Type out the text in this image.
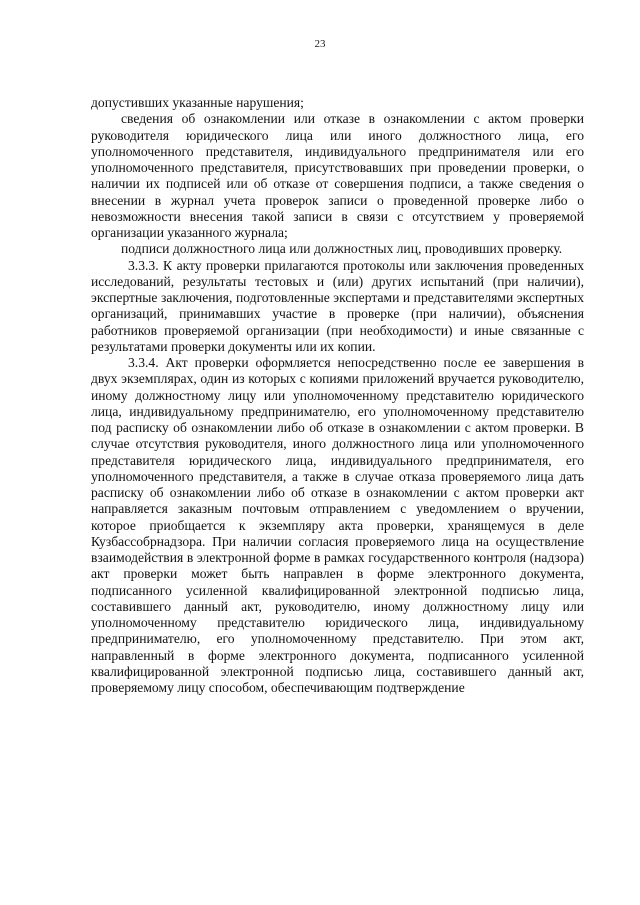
23

допустивших указанные нарушения;

сведения об ознакомлении или отказе в ознакомлении с актом проверки руководителя юридического лица или иного должностного лица, его уполномоченного представителя, индивидуального предпринимателя или его уполномоченного представителя, присутствовавших при проведении проверки, о наличии их подписей или об отказе от совершения подписи, а также сведения о внесении в журнал учета проверок записи о проведенной проверке либо о невозможности внесения такой записи в связи с отсутствием у проверяемой организации указанного журнала;

подписи должностного лица или должностных лиц, проводивших проверку.

3.3.3. К акту проверки прилагаются протоколы или заключения проведенных исследований, результаты тестовых и (или) других испытаний (при наличии), экспертные заключения, подготовленные экспертами и представителями экспертных организаций, принимавших участие в проверке (при наличии), объяснения работников проверяемой организации (при необходимости) и иные связанные с результатами проверки документы или их копии.

3.3.4. Акт проверки оформляется непосредственно после ее завершения в двух экземплярах, один из которых с копиями приложений вручается руководителю, иному должностному лицу или уполномоченному представителю юридического лица, индивидуальному предпринимателю, его уполномоченному представителю под расписку об ознакомлении либо об отказе в ознакомлении с актом проверки. В случае отсутствия руководителя, иного должностного лица или уполномоченного представителя юридического лица, индивидуального предпринимателя, его уполномоченного представителя, а также в случае отказа проверяемого лица дать расписку об ознакомлении либо об отказе в ознакомлении с актом проверки акт направляется заказным почтовым отправлением с уведомлением о вручении, которое приобщается к экземпляру акта проверки, хранящемуся в деле Кузбассобрнадзора. При наличии согласия проверяемого лица на осуществление взаимодействия в электронной форме в рамках государственного контроля (надзора) акт проверки может быть направлен в форме электронного документа, подписанного усиленной квалифицированной электронной подписью лица, составившего данный акт, руководителю, иному должностному лицу или уполномоченному представителю юридического лица, индивидуальному предпринимателю, его уполномоченному представителю. При этом акт, направленный в форме электронного документа, подписанного усиленной квалифицированной электронной подписью лица, составившего данный акт, проверяемому лицу способом, обеспечивающим подтверждение
